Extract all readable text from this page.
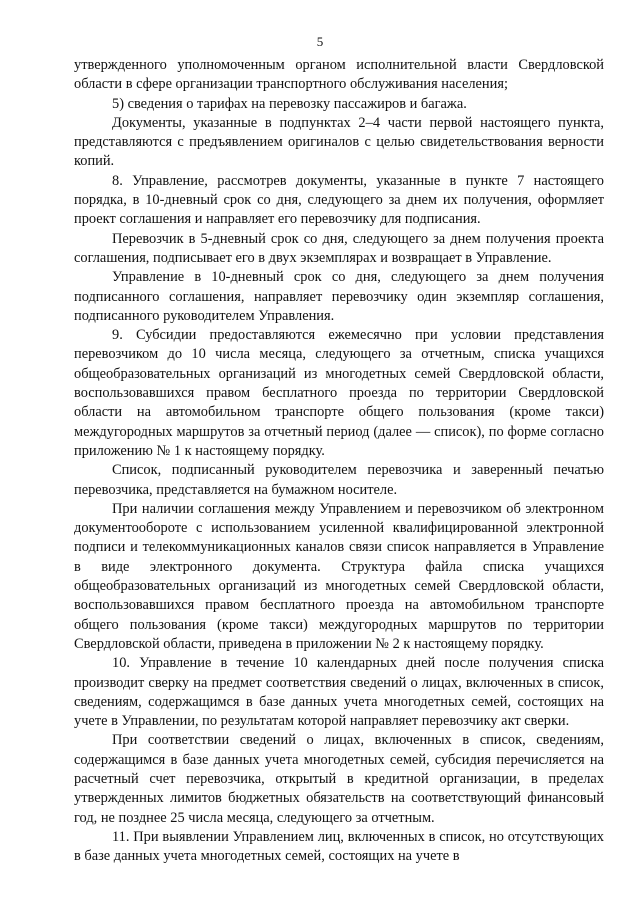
5

утвержденного уполномоченным органом исполнительной власти Свердловской области в сфере организации транспортного обслуживания населения;

5) сведения о тарифах на перевозку пассажиров и багажа.

Документы, указанные в подпунктах 2–4 части первой настоящего пункта, представляются с предъявлением оригиналов с целью свидетельствования верности копий.

8. Управление, рассмотрев документы, указанные в пункте 7 настоящего порядка, в 10-дневный срок со дня, следующего за днем их получения, оформляет проект соглашения и направляет его перевозчику для подписания.

Перевозчик в 5-дневный срок со дня, следующего за днем получения проекта соглашения, подписывает его в двух экземплярах и возвращает в Управление.

Управление в 10-дневный срок со дня, следующего за днем получения подписанного соглашения, направляет перевозчику один экземпляр соглашения, подписанного руководителем Управления.

9. Субсидии предоставляются ежемесячно при условии представления перевозчиком до 10 числа месяца, следующего за отчетным, списка учащихся общеобразовательных организаций из многодетных семей Свердловской области, воспользовавшихся правом бесплатного проезда по территории Свердловской области на автомобильном транспорте общего пользования (кроме такси) междугородных маршрутов за отчетный период (далее — список), по форме согласно приложению № 1 к настоящему порядку.

Список, подписанный руководителем перевозчика и заверенный печатью перевозчика, представляется на бумажном носителе.

При наличии соглашения между Управлением и перевозчиком об электронном документообороте с использованием усиленной квалифицированной электронной подписи и телекоммуникационных каналов связи список направляется в Управление в виде электронного документа. Структура файла списка учащихся общеобразовательных организаций из многодетных семей Свердловской области, воспользовавшихся правом бесплатного проезда на автомобильном транспорте общего пользования (кроме такси) междугородных маршрутов по территории Свердловской области, приведена в приложении № 2 к настоящему порядку.

10. Управление в течение 10 календарных дней после получения списка производит сверку на предмет соответствия сведений о лицах, включенных в список, сведениям, содержащимся в базе данных учета многодетных семей, состоящих на учете в Управлении, по результатам которой направляет перевозчику акт сверки.

При соответствии сведений о лицах, включенных в список, сведениям, содержащимся в базе данных учета многодетных семей, субсидия перечисляется на расчетный счет перевозчика, открытый в кредитной организации, в пределах утвержденных лимитов бюджетных обязательств на соответствующий финансовый год, не позднее 25 числа месяца, следующего за отчетным.

11. При выявлении Управлением лиц, включенных в список, но отсутствующих в базе данных учета многодетных семей, состоящих на учете в
